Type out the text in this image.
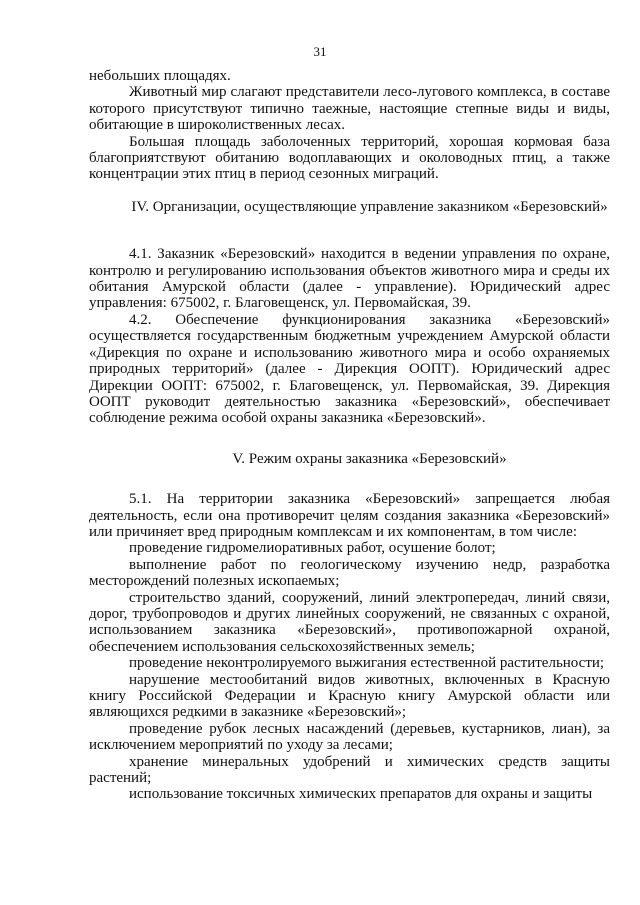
31

небольших площадях.

Животный мир слагают представители лесо-лугового комплекса, в составе которого присутствуют типично таежные, настоящие степные виды и виды, обитающие в широколиственных лесах.

Большая площадь заболоченных территорий, хорошая кормовая база благоприятствуют обитанию водоплавающих и околоводных птиц, а также концентрации этих птиц в период сезонных миграций.

IV. Организации, осуществляющие управление заказником «Березовский»

4.1. Заказник «Березовский» находится в ведении управления по охране, контролю и регулированию использования объектов животного мира и среды их обитания Амурской области (далее - управление). Юридический адрес управления: 675002, г. Благовещенск, ул. Первомайская, 39.

4.2. Обеспечение функционирования заказника «Березовский» осуществляется государственным бюджетным учреждением Амурской области «Дирекция по охране и использованию животного мира и особо охраняемых природных территорий» (далее - Дирекция ООПТ). Юридический адрес Дирекции ООПТ: 675002, г. Благовещенск, ул. Первомайская, 39. Дирекция ООПТ руководит деятельностью заказника «Березовский», обеспечивает соблюдение режима особой охраны заказника «Березовский».

V. Режим охраны заказника «Березовский»

5.1. На территории заказника «Березовский» запрещается любая деятельность, если она противоречит целям создания заказника «Березовский» или причиняет вред природным комплексам и их компонентам, в том числе:

проведение гидромелиоративных работ, осушение болот;

выполнение работ по геологическому изучению недр, разработка месторождений полезных ископаемых;

строительство зданий, сооружений, линий электропередач, линий связи, дорог, трубопроводов и других линейных сооружений, не связанных с охраной, использованием заказника «Березовский», противопожарной охраной, обеспечением использования сельскохозяйственных земель;

проведение неконтролируемого выжигания естественной растительности;

нарушение местообитаний видов животных, включенных в Красную книгу Российской Федерации и Красную книгу Амурской области или являющихся редкими в заказнике «Березовский»;

проведение рубок лесных насаждений (деревьев, кустарников, лиан), за исключением мероприятий по уходу за лесами;

хранение минеральных удобрений и химических средств защиты растений;

использование токсичных химических препаратов для охраны и защиты
